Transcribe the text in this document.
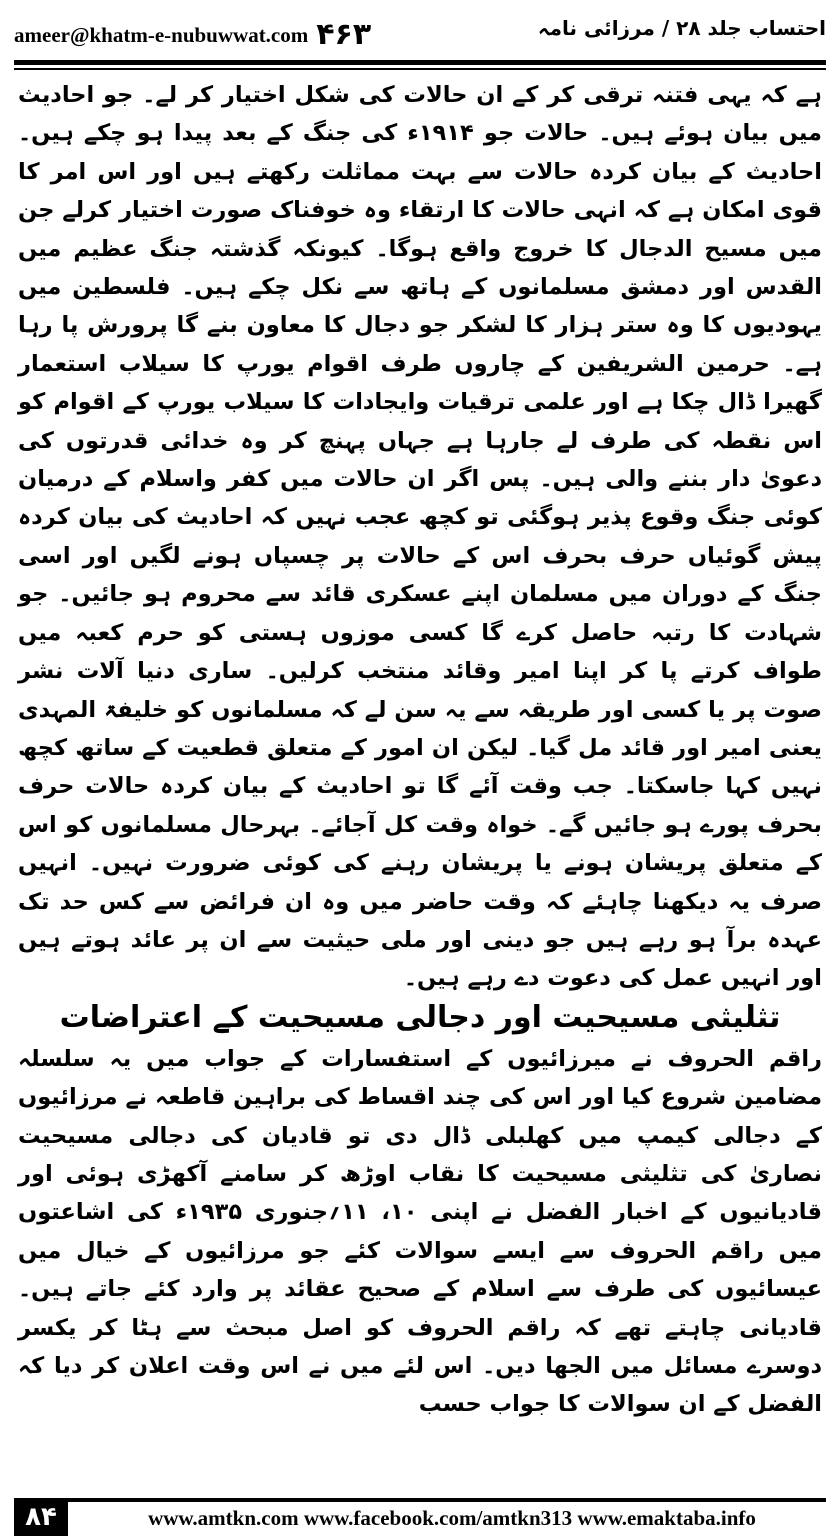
ameer@khatm-e-nubuwwat.com ۴۶۳	احتساب جلد ۲۸ / مرزائی نامہ

ہے کہ یہی فتنہ ترقی کر کے ان حالات کی شکل اختیار کر لے۔ جو احادیث میں بیان ہوئے ہیں۔ حالات جو ۱۹۱۴ء کی جنگ کے بعد پیدا ہو چکے ہیں۔ احادیث کے بیان کردہ حالات سے بہت مماثلت رکھتے ہیں اور اس امر کا قوی امکان ہے کہ انہی حالات کا ارتقاء وہ خوفناک صورت اختیار کرلے جن میں مسیح الدجال کا خروج واقع ہوگا۔ کیونکہ گذشتہ جنگ عظیم میں القدس اور دمشق مسلمانوں کے ہاتھ سے نکل چکے ہیں۔ فلسطین میں یہودیوں کا وہ ستر ہزار کا لشکر جو دجال کا معاون بنے گا پرورش پا رہا ہے۔ حرمین الشریفین کے چاروں طرف اقوام یورپ کا سیلاب استعمار گھیرا ڈال چکا ہے اور علمی ترقیات وایجادات کا سیلاب یورپ کے اقوام کو اس نقطہ کی طرف لے جارہا ہے جہاں پہنچ کر وہ خدائی قدرتوں کی دعویٰ دار بننے والی ہیں۔ پس اگر ان حالات میں کفر واسلام کے درمیان کوئی جنگ وقوع پذیر ہوگئی تو کچھ عجب نہیں کہ احادیث کی بیان کردہ پیش گوئیاں حرف بحرف اس کے حالات پر چسپاں ہونے لگیں اور اسی جنگ کے دوران میں مسلمان اپنے عسکری قائد سے محروم ہو جائیں۔ جو شہادت کا رتبہ حاصل کرے گا کسی موزوں ہستی کو حرم کعبہ میں طواف کرتے پا کر اپنا امیر وقائد منتخب کرلیں۔ ساری دنیا آلات نشر صوت پر یا کسی اور طریقہ سے یہ سن لے کہ مسلمانوں کو خلیفۃ المہدی یعنی امیر اور قائد مل گیا۔ لیکن ان امور کے متعلق قطعیت کے ساتھ کچھ نہیں کہا جاسکتا۔ جب وقت آئے گا تو احادیث کے بیان کردہ حالات حرف بحرف پورے ہو جائیں گے۔ خواہ وقت کل آجائے۔ بہرحال مسلمانوں کو اس کے متعلق پریشان ہونے یا پریشان رہنے کی کوئی ضرورت نہیں۔ انہیں صرف یہ دیکھنا چاہئے کہ وقت حاضر میں وہ ان فرائض سے کس حد تک عہدہ برآ ہو رہے ہیں جو دینی اور ملی حیثیت سے ان پر عائد ہوتے ہیں اور انہیں عمل کی دعوت دے رہے ہیں۔

تثلیثی مسیحیت اور دجالی مسیحیت کے اعتراضات

راقم الحروف نے میرزائیوں کے استفسارات کے جواب میں یہ سلسلہ مضامین شروع کیا اور اس کی چند اقساط کی براہین قاطعہ نے مرزائیوں کے دجالی کیمپ میں کھلبلی ڈال دی تو قادیان کی دجالی مسیحیت نصاریٰ کی تثلیثی مسیحیت کا نقاب اوڑھ کر سامنے آکھڑی ہوئی اور قادیانیوں کے اخبار الفضل نے اپنی ۱۰، ۱۱؍جنوری ۱۹۳۵ء کی اشاعتوں میں راقم الحروف سے ایسے سوالات کئے جو مرزائیوں کے خیال میں عیسائیوں کی طرف سے اسلام کے صحیح عقائد پر وارد کئے جاتے ہیں۔ قادیانی چاہتے تھے کہ راقم الحروف کو اصل مبحث سے ہٹا کر یکسر دوسرے مسائل میں الجھا دیں۔ اس لئے میں نے اس وقت اعلان کر دیا کہ الفضل کے ان سوالات کا جواب حسب

۸۴	www.amtkn.com www.facebook.com/amtkn313 www.emaktaba.info
